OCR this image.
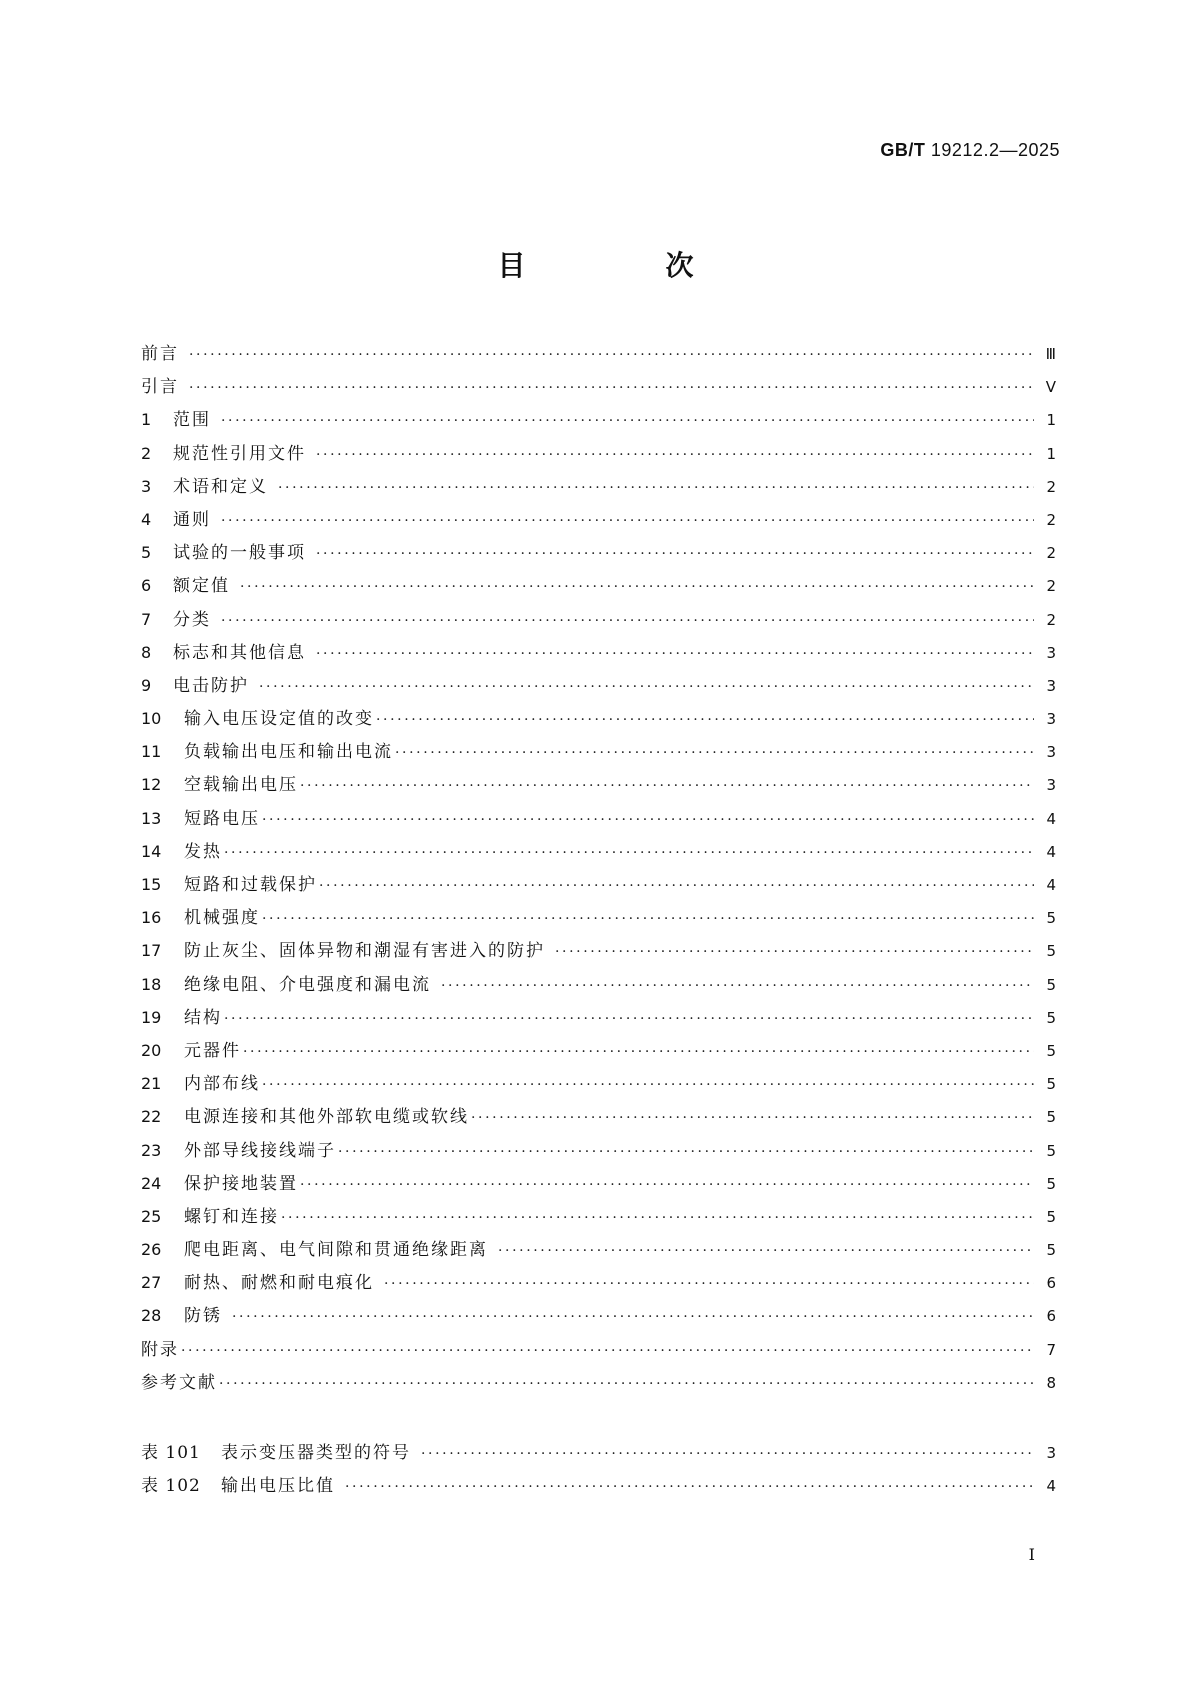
GB/T 19212.2—2025
目　次
前言 ·····	Ⅲ
引言 ·····	Ⅴ
1	范围 ·····	1
2	规范性引用文件 ·····	1
3	术语和定义 ·····	2
4	通则 ·····	2
5	试验的一般事项 ·····	2
6	额定值 ·····	2
7	分类 ·····	2
8	标志和其他信息 ·····	3
9	电击防护 ·····	3
10	输入电压设定值的改变 ·····	3
11	负载输出电压和输出电流 ·····	3
12	空载输出电压 ·····	3
13	短路电压 ·····	4
14	发热 ·····	4
15	短路和过载保护 ·····	4
16	机械强度 ·····	5
17	防止灰尘、固体异物和潮湿有害进入的防护 ·····	5
18	绝缘电阻、介电强度和漏电流 ·····	5
19	结构 ·····	5
20	元器件 ·····	5
21	内部布线 ·····	5
22	电源连接和其他外部软电缆或软线 ·····	5
23	外部导线接线端子 ·····	5
24	保护接地装置 ·····	5
25	螺钉和连接 ·····	5
26	爬电距离、电气间隙和贯通绝缘距离 ·····	5
27	耐热、耐燃和耐电痕化 ·····	6
28	防锈 ·····	6
附录 ·····	7
参考文献 ·····	8
表 101	表示变压器类型的符号 ·····	3
表 102	输出电压比值 ·····	4
Ⅰ
